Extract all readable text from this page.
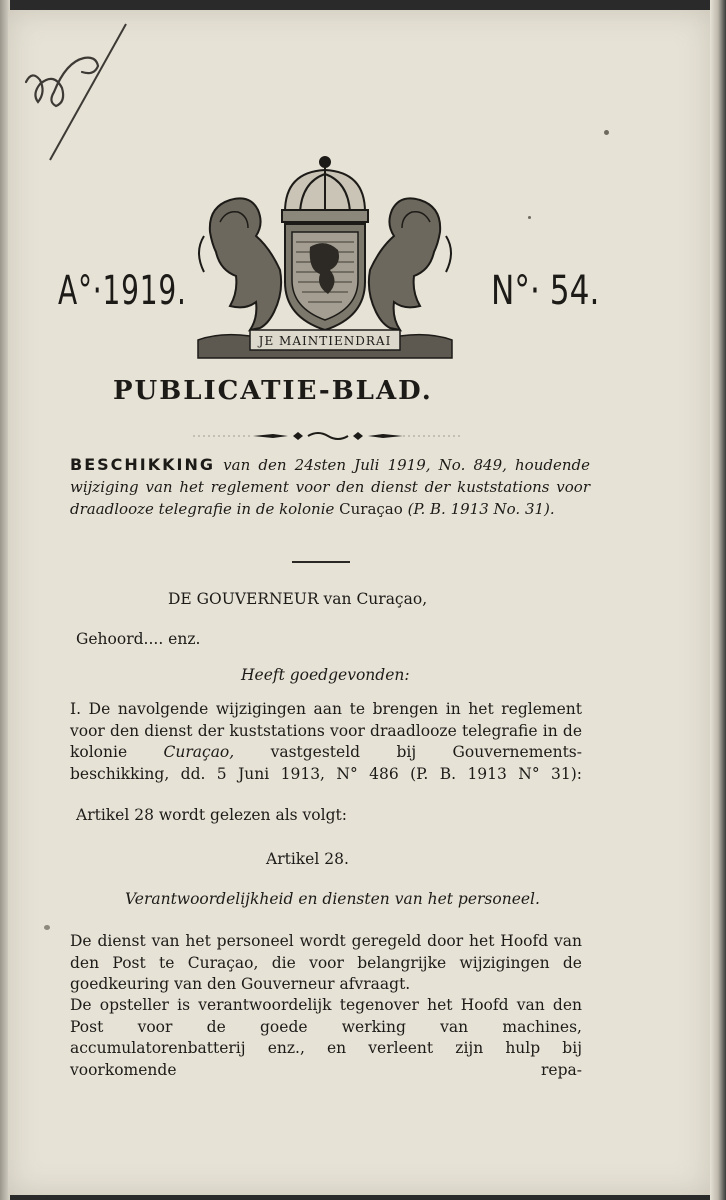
9o
A°·1919.	N°· 54.
JE MAINTIENDRAI
PUBLICATIE-BLAD.
BESCHIKKING van den 24sten Juli 1919, No. 849, houdende wijziging van het reglement voor den dienst der kuststations voor draadlooze telegrafie in de kolonie Curaçao (P. B. 1913 No. 31).
DE GOUVERNEUR van Curaçao,
Gehoord.... enz.
Heeft goedgevonden:
I. De navolgende wijzigingen aan te brengen in het reglement voor den dienst der kuststations voor draadlooze telegrafie in de kolonie Curaçao, vastgesteld bij Gouvernements-
beschikking, dd. 5 Juni 1913, N° 486 (P. B. 1913 N° 31):
Artikel 28 wordt gelezen als volgt:
Artikel 28.
Verantwoordelijkheid en diensten van het personeel.
De dienst van het personeel wordt geregeld door het Hoofd van den Post te Curaçao, die voor belangrijke wijzigingen de
goedkeuring van den Gouverneur afvraagt.
De opsteller is verantwoordelijk tegenover het Hoofd van den Post voor de goede werking van machines, accumulatorenbatterij enz., en verleent zijn hulp bij voorkomende repa-
